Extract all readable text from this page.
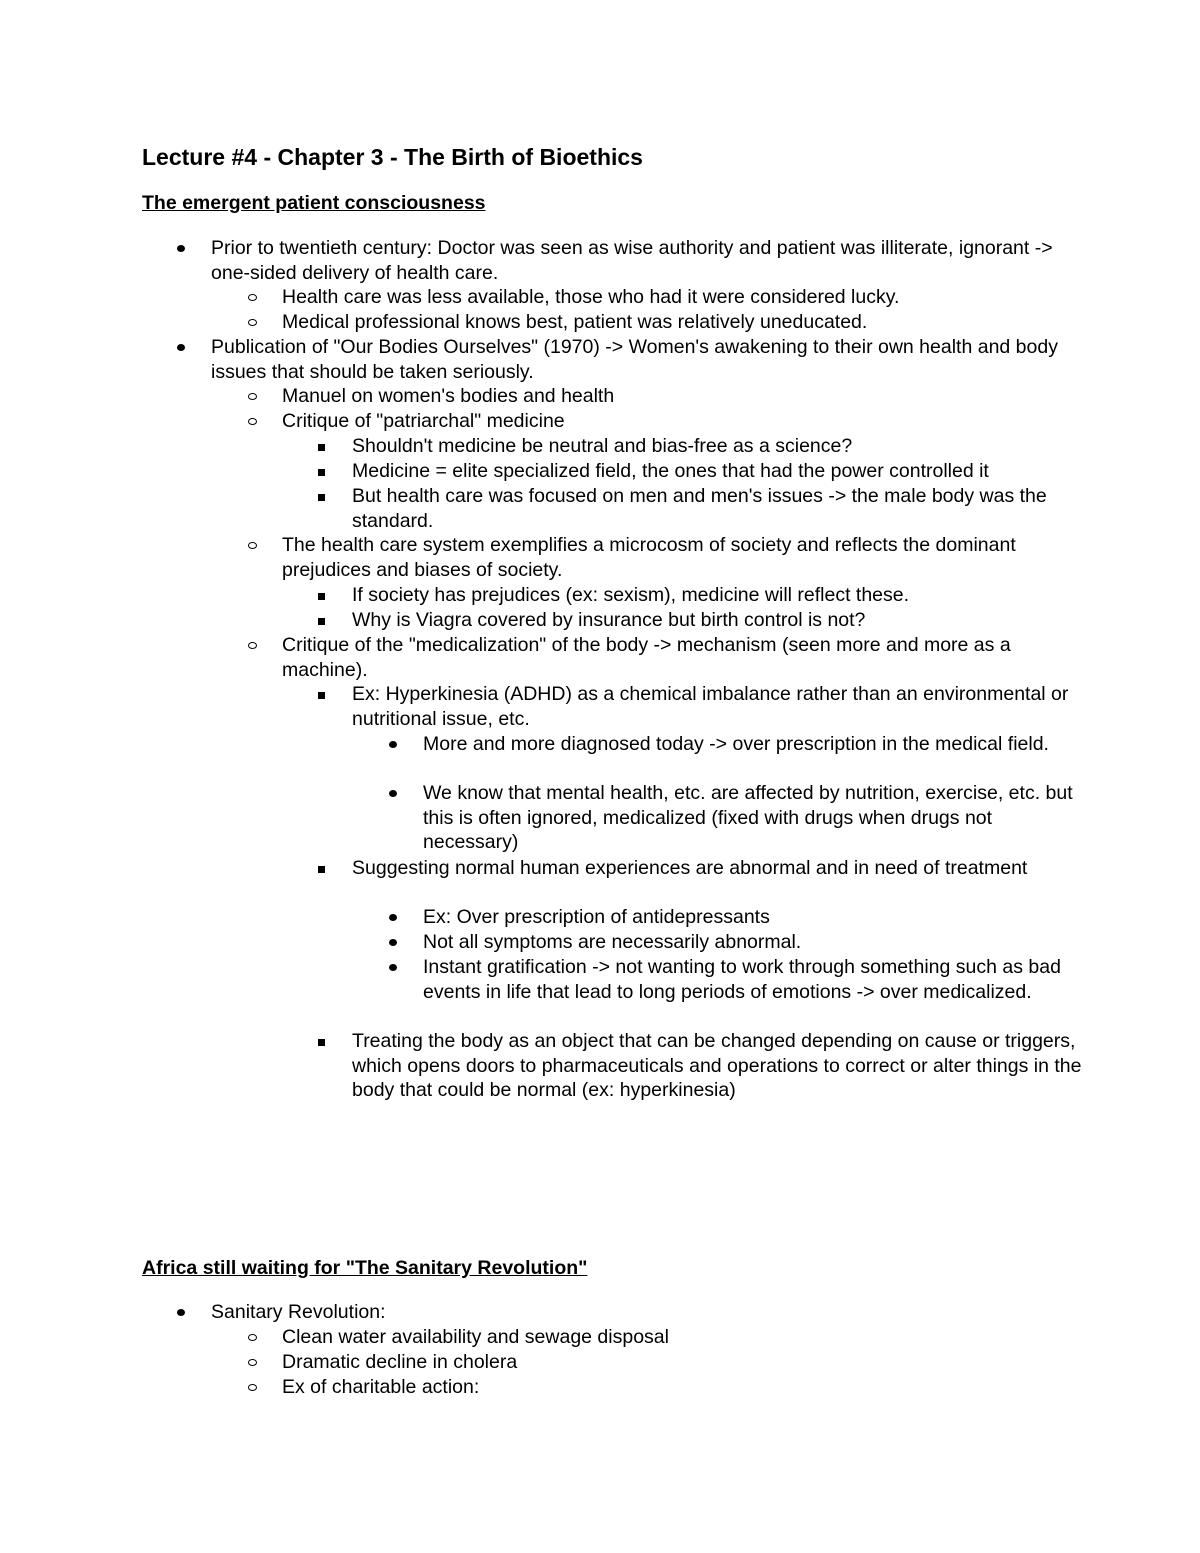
Lecture #4 - Chapter 3 - The Birth of Bioethics
The emergent patient consciousness
Prior to twentieth century: Doctor was seen as wise authority and patient was illiterate, ignorant -> one-sided delivery of health care.
Health care was less available, those who had it were considered lucky.
Medical professional knows best, patient was relatively uneducated.
Publication of "Our Bodies Ourselves" (1970) -> Women's awakening to their own health and body issues that should be taken seriously.
Manuel on women's bodies and health
Critique of "patriarchal" medicine
Shouldn't medicine be neutral and bias-free as a science?
Medicine = elite specialized field, the ones that had the power controlled it
But health care was focused on men and men's issues -> the male body was the standard.
The health care system exemplifies a microcosm of society and reflects the dominant prejudices and biases of society.
If society has prejudices (ex: sexism), medicine will reflect these.
Why is Viagra covered by insurance but birth control is not?
Critique of the "medicalization" of the body -> mechanism (seen more and more as a machine).
Ex: Hyperkinesia (ADHD) as a chemical imbalance rather than an environmental or nutritional issue, etc.
More and more diagnosed today -> over prescription in the medical field.
We know that mental health, etc. are affected by nutrition, exercise, etc. but this is often ignored, medicalized (fixed with drugs when drugs not necessary)
Suggesting normal human experiences are abnormal and in need of treatment
Ex: Over prescription of antidepressants
Not all symptoms are necessarily abnormal.
Instant gratification -> not wanting to work through something such as bad events in life that lead to long periods of emotions -> over medicalized.
Treating the body as an object that can be changed depending on cause or triggers, which opens doors to pharmaceuticals and operations to correct or alter things in the body that could be normal (ex: hyperkinesia)
Africa still waiting for "The Sanitary Revolution"
Sanitary Revolution:
Clean water availability and sewage disposal
Dramatic decline in cholera
Ex of charitable action:
